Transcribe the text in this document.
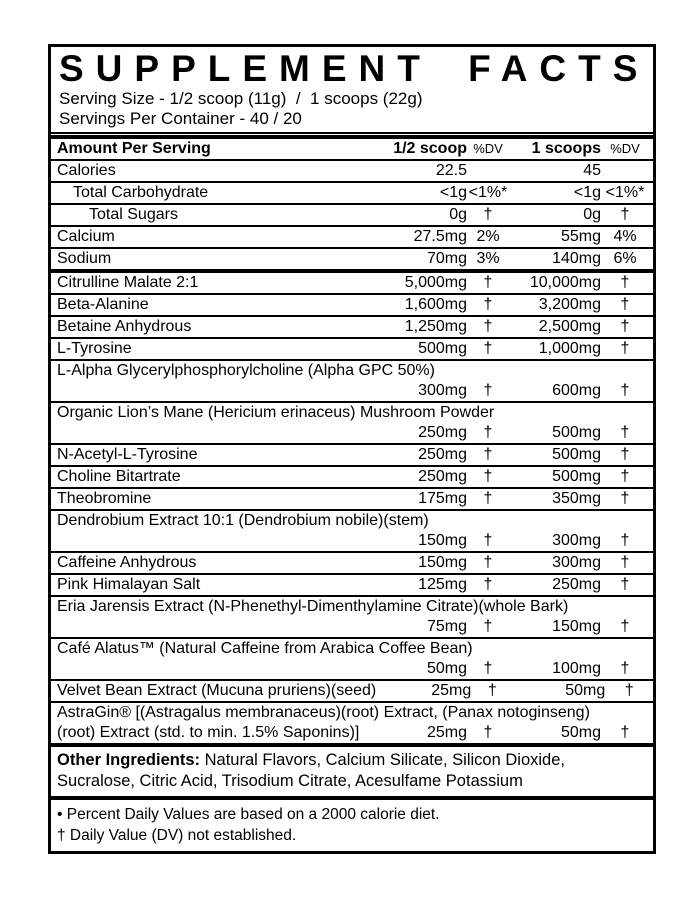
SUPPLEMENT FACTS
Serving Size - 1/2 scoop (11g)  /  1 scoops (22g)
Servings Per Container - 40 / 20
Amount Per Serving	1/2 scoop %DV	1 scoops %DV
Calories	22.5	45
Total Carbohydrate	<1g <1%*	<1g <1%*
Total Sugars	0g	†	0g	†
Calcium	27.5mg 2%	55mg 4%
Sodium	70mg 3%	140mg 6%
Citrulline Malate 2:1	5,000mg	†	10,000mg	†
Beta-Alanine	1,600mg	†	3,200mg	†
Betaine Anhydrous	1,250mg	†	2,500mg	†
L-Tyrosine	500mg	†	1,000mg	†
L-Alpha Glycerylphosphorylcholine (Alpha GPC 50%)
300mg	†	600mg	†
Organic Lion’s Mane (Hericium erinaceus) Mushroom Powder
250mg	†	500mg	†
N-Acetyl-L-Tyrosine	250mg	†	500mg	†
Choline Bitartrate	250mg	†	500mg	†
Theobromine	175mg	†	350mg	†
Dendrobium Extract 10:1 (Dendrobium nobile)(stem)
150mg	†	300mg	†
Caffeine Anhydrous	150mg	†	300mg	†
Pink Himalayan Salt	125mg	†	250mg	†
Eria Jarensis Extract (N-Phenethyl-Dimenthylamine Citrate)(whole Bark)
75mg	†	150mg	†
Café Alatus™ (Natural Caffeine from Arabica Coffee Bean)
50mg	†	100mg	†
Velvet Bean Extract (Mucuna pruriens)(seed)	25mg	†	50mg	†
AstraGin® [(Astragalus membranaceus)(root) Extract, (Panax notoginseng)
(root) Extract (std. to min. 1.5% Saponins)]	25mg	†	50mg	†
Other Ingredients: Natural Flavors, Calcium Silicate, Silicon Dioxide, Sucralose, Citric Acid, Trisodium Citrate, Acesulfame Potassium
• Percent Daily Values are based on a 2000 calorie diet.
† Daily Value (DV) not established.
